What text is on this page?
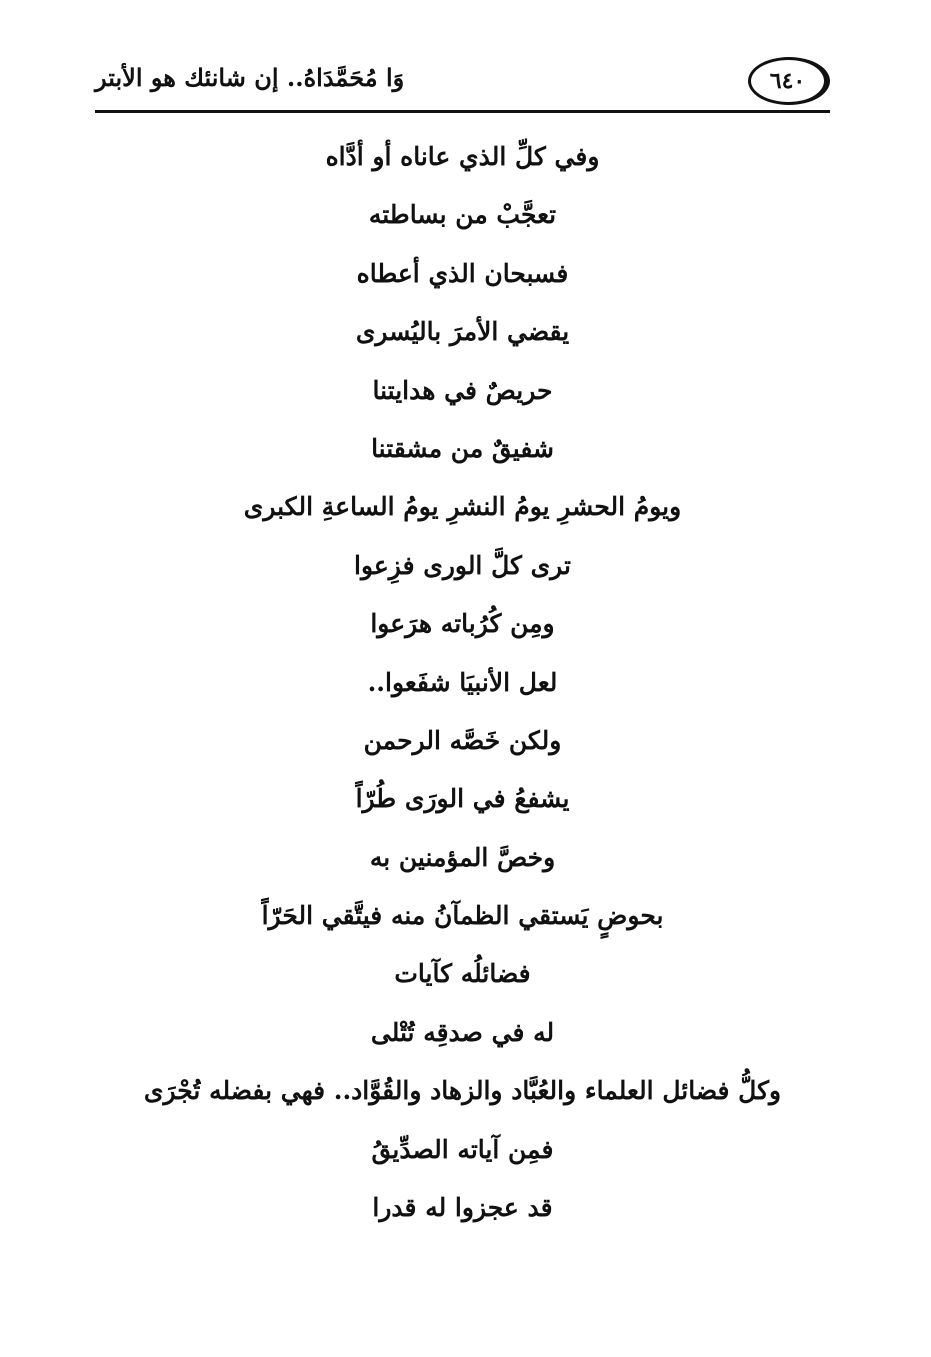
وَا مُحَمَّدَاهُ.. إن شانئك هو الأبتر	٦٤٠
وفي كلِّ الذي عاناه أو أدَّاه
تعجَّبْ من بساطته
فسبحان الذي أعطاه
يقضي الأمرَ باليُسرى
حريصٌ في هدايتنا
شفيقٌ من مشقتنا
ويومُ الحشرِ يومُ النشرِ يومُ الساعةِ الكبرى
ترى كلَّ الورى فزِعوا
ومِن كُرُباته هرَعوا
لعل الأنبيَا شفَعوا..
ولكن خَصَّه الرحمن
يشفعُ في الورَى طُرّاً
وخصَّ المؤمنين به
بحوضٍ يَستقي الظمآنُ منه فيتَّقي الحَرّاً
فضائلُه كآيات
له في صدقِه تُتْلى
وكلُّ فضائل العلماء والعُبَّاد والزهاد والقُوَّاد.. فهي بفضله تُجْرَى
فمِن آياته الصدِّيقُ
قد عجزوا له قدرا
